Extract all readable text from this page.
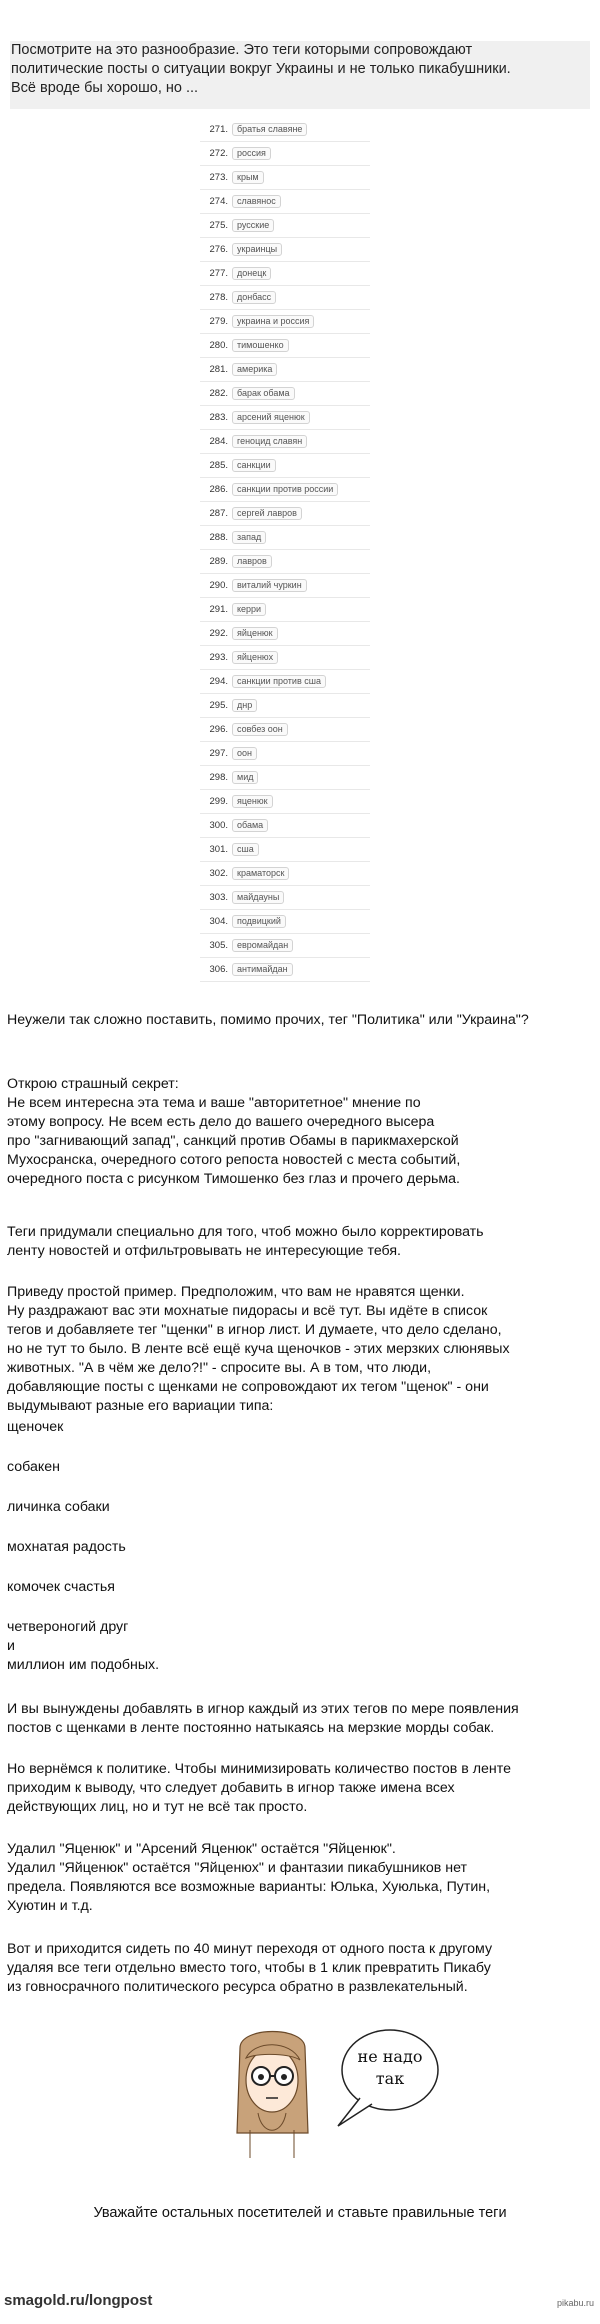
Посмотрите на это разнообразие. Это теги которыми сопровождают
политические посты о ситуации вокруг Украины и не только пикабушники.
Всё вроде бы хорошо, но ...
271.	братья славяне
272.	россия
273.	крым
274.	славянос
275.	русские
276.	украинцы
277.	донецк
278.	донбасс
279.	украина и россия
280.	тимошенко
281.	америка
282.	барак обама
283.	арсений яценюк
284.	геноцид славян
285.	санкции
286.	санкции против россии
287.	сергей лавров
288.	запад
289.	лавров
290.	виталий чуркин
291.	керри
292.	яйценюк
293.	яйценюх
294.	санкции против сша
295.	днр
296.	совбез оон
297.	оон
298.	мид
299.	яценюк
300.	обама
301.	сша
302.	краматорск
303.	майдауны
304.	подвицкий
305.	евромайдан
306.	антимайдан
Неужели так сложно поставить, помимо прочих, тег "Политика" или "Украина"?
Открою страшный секрет:
Не всем интересна эта тема и ваше "авторитетное" мнение по
этому вопросу. Не всем есть дело до вашего очередного высера
про "загнивающий запад", санкций против Обамы в парикмахерской
Мухосранска, очередного сотого репоста новостей с места событий,
очередного поста с рисунком Тимошенко без глаз и прочего дерьма.
Теги придумали специально для того, чтоб можно было корректировать
ленту новостей и отфильтровывать не интересующие тебя.
Приведу простой пример. Предположим, что вам не нравятся щенки.
Ну раздражают вас эти мохнатые пидорасы и всё тут. Вы идёте в список
тегов и добавляете тег "щенки" в игнор лист. И думаете, что дело сделано,
но не тут то было. В ленте всё ещё куча щеночков - этих мерзких слюнявых
животных. "А в чём же дело?!" - спросите вы. А в том, что люди,
добавляющие посты с щенками не сопровождают их тегом "щенок" - они
выдумывают разные его вариации типа:
щеночек
собакен
личинка собаки
мохнатая радость
комочек счастья
четвероногий друг
и
миллион им подобных.
И вы вынуждены добавлять в игнор каждый из этих тегов по мере появления
постов с щенками в ленте постоянно натыкаясь на мерзкие морды собак.
Но вернёмся к политике. Чтобы минимизировать количество постов в ленте
приходим к выводу, что следует добавить в игнор также имена всех
действующих лиц, но и тут не всё так просто.
Удалил "Яценюк" и "Арсений Яценюк" остаётся "Яйценюк".
Удалил "Яйценюк" остаётся "Яйценюх" и фантазии пикабушников нет
предела. Появляются все возможные варианты: Юлька, Хуюлька, Путин,
Хуютин и т.д.
Вот и приходится сидеть по 40 минут переходя от одного поста к другому
удаляя все теги отдельно вместо того, чтобы в 1 клик превратить Пикабу
из говносрачного политического ресурса обратно в развлекательный.
не надо
так
Уважайте остальных посетителей и ставьте правильные теги
smagold.ru/longpost	pikabu.ru
